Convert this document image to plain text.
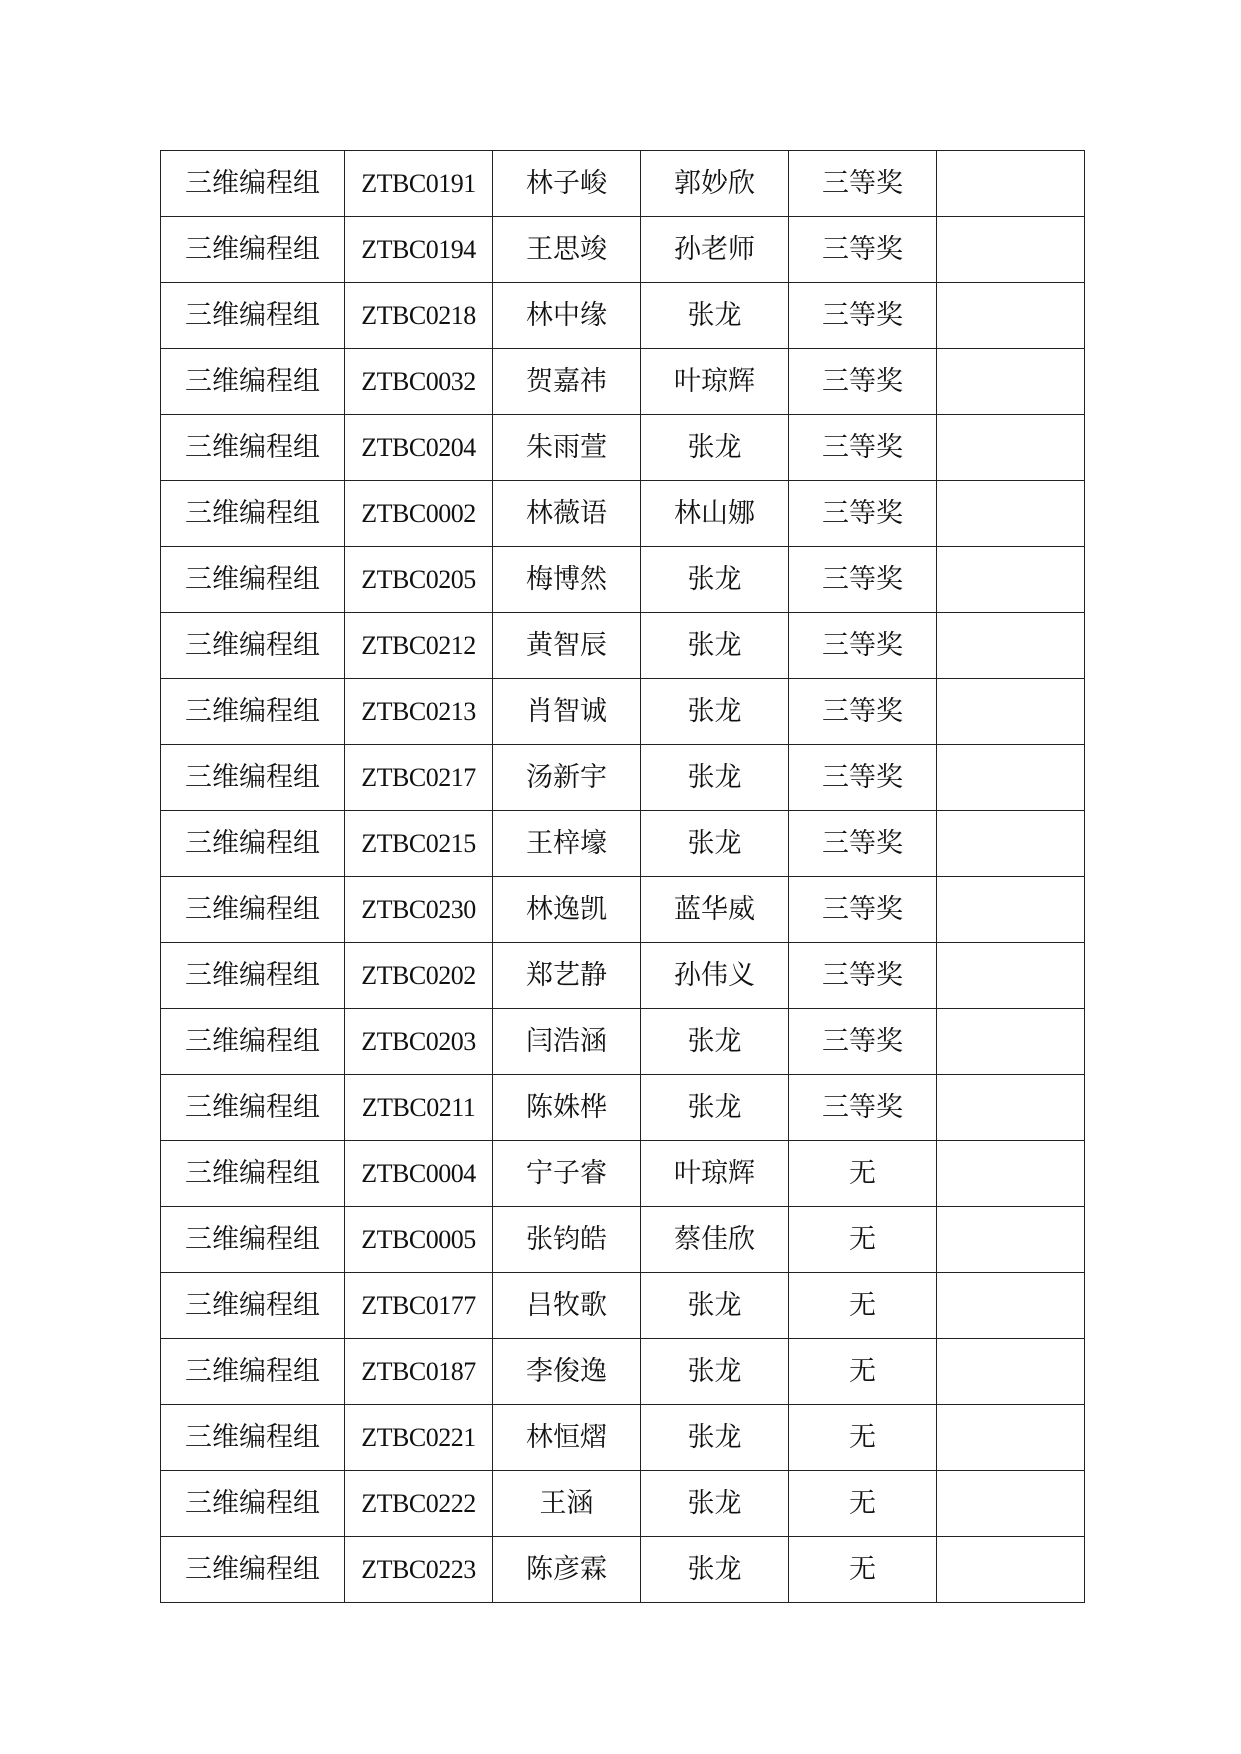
三维编程组	ZTBC0191	林子峻	郭妙欣	三等奖	
三维编程组	ZTBC0194	王思竣	孙老师	三等奖	
三维编程组	ZTBC0218	林中缘	张龙	三等奖	
三维编程组	ZTBC0032	贺嘉祎	叶琼辉	三等奖	
三维编程组	ZTBC0204	朱雨萱	张龙	三等奖	
三维编程组	ZTBC0002	林薇语	林山娜	三等奖	
三维编程组	ZTBC0205	梅博然	张龙	三等奖	
三维编程组	ZTBC0212	黄智辰	张龙	三等奖	
三维编程组	ZTBC0213	肖智诚	张龙	三等奖	
三维编程组	ZTBC0217	汤新宇	张龙	三等奖	
三维编程组	ZTBC0215	王梓壕	张龙	三等奖	
三维编程组	ZTBC0230	林逸凯	蓝华威	三等奖	
三维编程组	ZTBC0202	郑艺静	孙伟义	三等奖	
三维编程组	ZTBC0203	闫浩涵	张龙	三等奖	
三维编程组	ZTBC0211	陈姝桦	张龙	三等奖	
三维编程组	ZTBC0004	宁子睿	叶琼辉	无	
三维编程组	ZTBC0005	张钧皓	蔡佳欣	无	
三维编程组	ZTBC0177	吕牧歌	张龙	无	
三维编程组	ZTBC0187	李俊逸	张龙	无	
三维编程组	ZTBC0221	林恒熠	张龙	无	
三维编程组	ZTBC0222	王涵	张龙	无	
三维编程组	ZTBC0223	陈彦霖	张龙	无	
